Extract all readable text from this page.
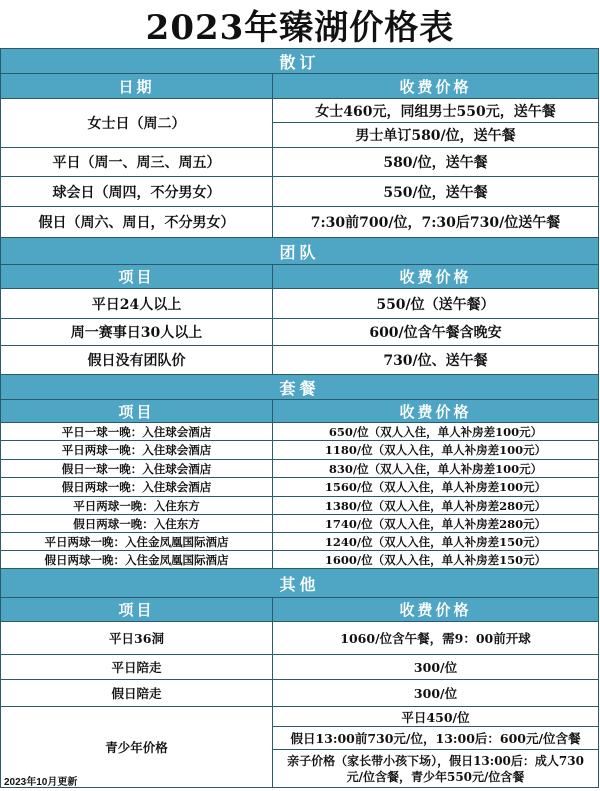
2023年臻湖价格表
散订	
日期	收费价格
女士日（周二）	女士460元，同组男士550元，送午餐
	男士单订580/位，送午餐
平日（周一、周三、周五）	580/位，送午餐
球会日（周四，不分男女）	550/位，送午餐
假日（周六、周日，不分男女）	7:30前700/位，7:30后730/位送午餐
团队	
项目	收费价格
平日24人以上	550/位（送午餐）
周一赛事日30人以上	600/位含午餐含晚安
假日没有团队价	730/位、送午餐
套餐	
项目	收费价格
平日一球一晚：入住球会酒店	650/位（双人入住，单人补房差100元）
平日两球一晚：入住球会酒店	1180/位（双人入住，单人补房差100元）
假日一球一晚：入住球会酒店	830/位（双人入住，单人补房差100元）
假日两球一晚：入住球会酒店	1560/位（双人入住，单人补房差100元）
平日两球一晚：入住东方	1380/位（双人入住，单人补房差280元）
假日两球一晚：入住东方	1740/位（双人入住，单人补房差280元）
平日两球一晚：入住金凤凰国际酒店	1240/位（双人入住，单人补房差150元）
假日两球一晚：入住金凤凰国际酒店	1600/位（双人入住，单人补房差150元）
其他	
项目	收费价格
平日36洞	1060/位含午餐，需9：00前开球
平日陪走	300/位
假日陪走	300/位
青少年价格	平日450/位
	假日13:00前730元/位，13:00后：600元/位含餐
	亲子价格（家长带小孩下场），假日13:00后：成人730元/位含餐，青少年550元/位含餐
2023年10月更新
